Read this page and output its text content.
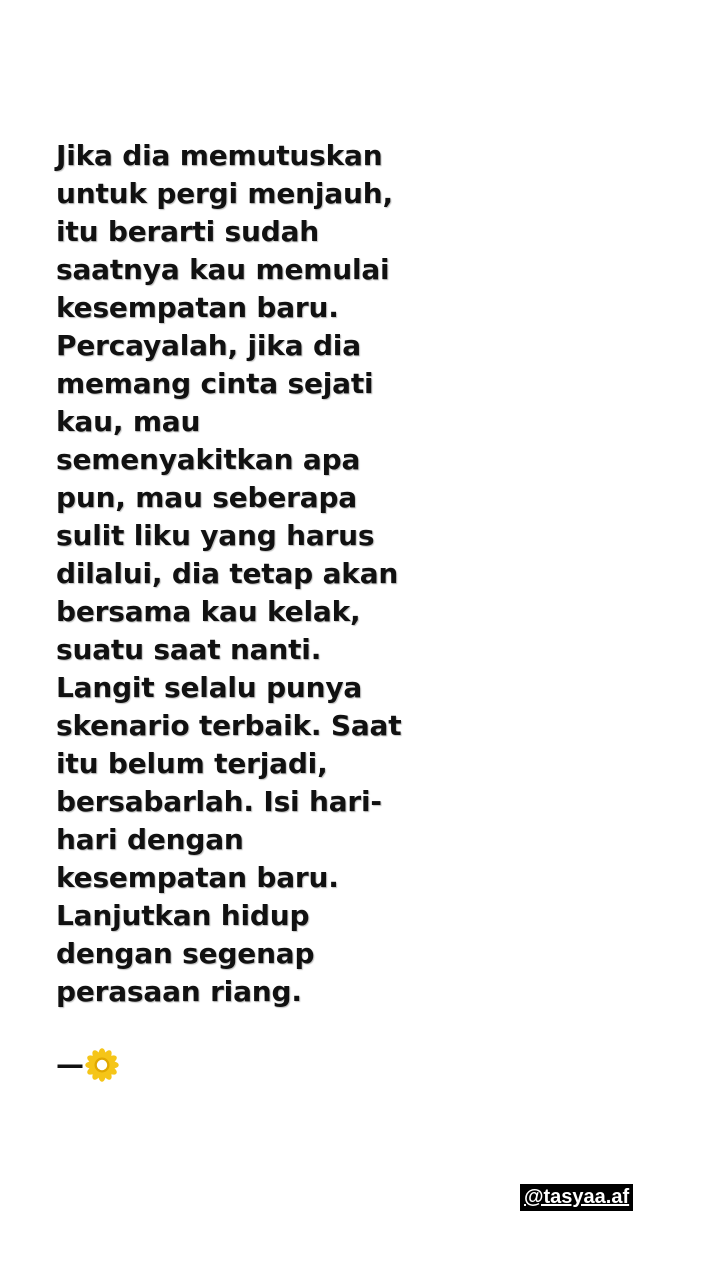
Jika dia memutuskan
untuk pergi menjauh,
itu berarti sudah
saatnya kau memulai
kesempatan baru.
Percayalah, jika dia
memang cinta sejati
kau, mau
semenyakitkan apa
pun, mau seberapa
sulit liku yang harus
dilalui, dia tetap akan
bersama kau kelak,
suatu saat nanti.
Langit selalu punya
skenario terbaik. Saat
itu belum terjadi,
bersabarlah. Isi hari-
hari dengan
kesempatan baru.
Lanjutkan hidup
dengan segenap
perasaan riang.
—
@tasyaa.af
